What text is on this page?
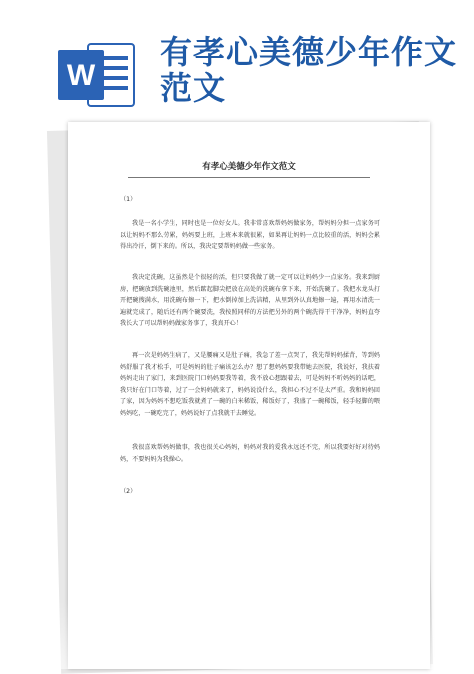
W
有孝心美德少年作文范文
有孝心美德少年作文范文
（1）
我是一名小学生，同时也是一位好女儿。我非常喜欢帮妈妈做家务，帮妈妈分担一点家务可以让妈妈不那么劳累，妈妈要上班，上班本来就很累，如果再让妈妈一点比较重的活，妈妈会累得出冷汗，倒下来的。所以，我决定要帮妈妈做一些家务。
我决定洗碗，这虽然是个很轻的活，但只要我做了就一定可以让妈妈少一点家务。我来到厨房，把碗放到洗碗池里，然后踮起脚尖把放在高处的洗碗布拿下来，开始洗碗了。我把水龙头打开把碗搜满水，用洗碗布擦一下，把水倒掉加上洗洁精，从里到外认真地擦一遍，再用水清洗一遍就完成了，随后还有两个碗要洗，我按照同样的方法把另外的两个碗洗得干干净净，妈妈直夸我长大了可以帮妈妈做家务事了，我真开心！
再一次是妈妈生病了，又是腰痛又是肚子痛，我急了差一点哭了，我先帮妈妈揉背，等到妈妈舒服了我才松手，可是妈妈的肚子痛该怎么办？想了想妈妈要我带她去医院，我说好，我扶着妈妈走出了家门，来到医院门口妈妈要我等着，我不放心想跟着去，可是妈妈不听妈妈的话吧，我只好在门口等着，过了一会妈妈就来了，妈妈说没什么，我担心不过不是太严重。我和妈妈回了家，因为妈妈不想吃饭我就煮了一碗的白米稀饭，稀饭好了，我盛了一碗稀饭，轻手轻脚的喂妈妈吃，一碗吃完了，妈妈说好了点我就干去睡觉。
我很喜欢帮妈妈做事，我也很关心妈妈，妈妈对我的爱我永远还不完，所以我要好好对待妈妈，不要妈妈为我操心。
（2）
